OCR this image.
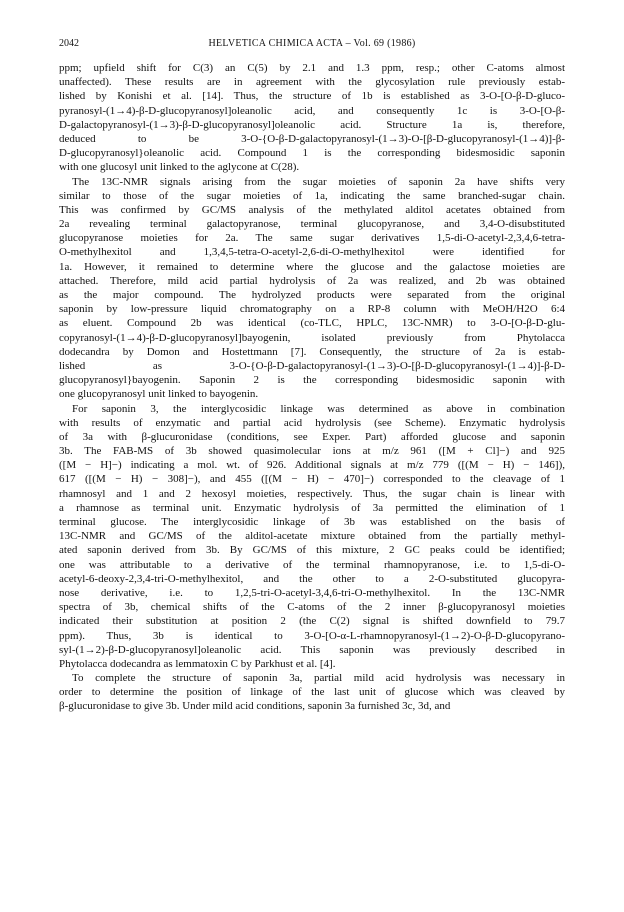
2042	HELVETICA CHIMICA ACTA – Vol. 69 (1986)
ppm; upfield shift for C(3) an C(5) by 2.1 and 1.3 ppm, resp.; other C-atoms almost
unaffected). These results are in agreement with the glycosylation rule previously estab-
lished by Konishi et al. [14]. Thus, the structure of 1b is established as 3-O-[O-β-D-gluco-
pyranosyl-(1→4)-β-D-glucopyranosyl]oleanolic acid, and consequently 1c is 3-O-[O-β-
D-galactopyranosyl-(1→3)-β-D-glucopyranosyl]oleanolic acid. Structure 1a is, therefore,
deduced to be 3-O-{O-β-D-galactopyranosyl-(1→3)-O-[β-D-glucopyranosyl-(1→4)]-β-
D-glucopyranosyl}oleanolic acid. Compound 1 is the corresponding bidesmosidic saponin
with one glucosyl unit linked to the aglycone at C(28).
The 13C-NMR signals arising from the sugar moieties of saponin 2a have shifts very
similar to those of the sugar moieties of 1a, indicating the same branched-sugar chain.
This was confirmed by GC/MS analysis of the methylated alditol acetates obtained from
2a revealing terminal galactopyranose, terminal glucopyranose, and 3,4-O-disubstituted
glucopyranose moieties for 2a. The same sugar derivatives 1,5-di-O-acetyl-2,3,4,6-tetra-
O-methylhexitol and 1,3,4,5-tetra-O-acetyl-2,6-di-O-methylhexitol were identified for
1a. However, it remained to determine where the glucose and the galactose moieties are
attached. Therefore, mild acid partial hydrolysis of 2a was realized, and 2b was obtained
as the major compound. The hydrolyzed products were separated from the original
saponin by low-pressure liquid chromatography on a RP-8 column with MeOH/H2O 6:4
as eluent. Compound 2b was identical (co-TLC, HPLC, 13C-NMR) to 3-O-[O-β-D-glu-
copyranosyl-(1→4)-β-D-glucopyranosyl]bayogenin, isolated previously from Phytolacca
dodecandra by Domon and Hostettmann [7]. Consequently, the structure of 2a is estab-
lished as 3-O-{O-β-D-galactopyranosyl-(1→3)-O-[β-D-glucopyranosyl-(1→4)]-β-D-
glucopyranosyl}bayogenin. Saponin 2 is the corresponding bidesmosidic saponin with
one glucopyranosyl unit linked to bayogenin.
For saponin 3, the interglycosidic linkage was determined as above in combination
with results of enzymatic and partial acid hydrolysis (see Scheme). Enzymatic hydrolysis
of 3a with β-glucuronidase (conditions, see Exper. Part) afforded glucose and saponin
3b. The FAB-MS of 3b showed quasimolecular ions at m/z 961 ([M + Cl]−) and 925
([M − H]−) indicating a mol. wt. of 926. Additional signals at m/z 779 ([(M − H) − 146]),
617 ([(M − H) − 308]−), and 455 ([(M − H) − 470]−) corresponded to the cleavage of 1
rhamnosyl and 1 and 2 hexosyl moieties, respectively. Thus, the sugar chain is linear with
a rhamnose as terminal unit. Enzymatic hydrolysis of 3a permitted the elimination of 1
terminal glucose. The interglycosidic linkage of 3b was established on the basis of
13C-NMR and GC/MS of the alditol-acetate mixture obtained from the partially methyl-
ated saponin derived from 3b. By GC/MS of this mixture, 2 GC peaks could be identified;
one was attributable to a derivative of the terminal rhamnopyranose, i.e. to 1,5-di-O-
acetyl-6-deoxy-2,3,4-tri-O-methylhexitol, and the other to a 2-O-substituted glucopyra-
nose derivative, i.e. to 1,2,5-tri-O-acetyl-3,4,6-tri-O-methylhexitol. In the 13C-NMR
spectra of 3b, chemical shifts of the C-atoms of the 2 inner β-glucopyranosyl moieties
indicated their substitution at position 2 (the C(2) signal is shifted downfield to 79.7
ppm). Thus, 3b is identical to 3-O-[O-α-L-rhamnopyranosyl-(1→2)-O-β-D-glucopyrano-
syl-(1→2)-β-D-glucopyranosyl]oleanolic acid. This saponin was previously described in
Phytolacca dodecandra as lemmatoxin C by Parkhust et al. [4].
To complete the structure of saponin 3a, partial mild acid hydrolysis was necessary in
order to determine the position of linkage of the last unit of glucose which was cleaved by
β-glucuronidase to give 3b. Under mild acid conditions, saponin 3a furnished 3c, 3d, and
